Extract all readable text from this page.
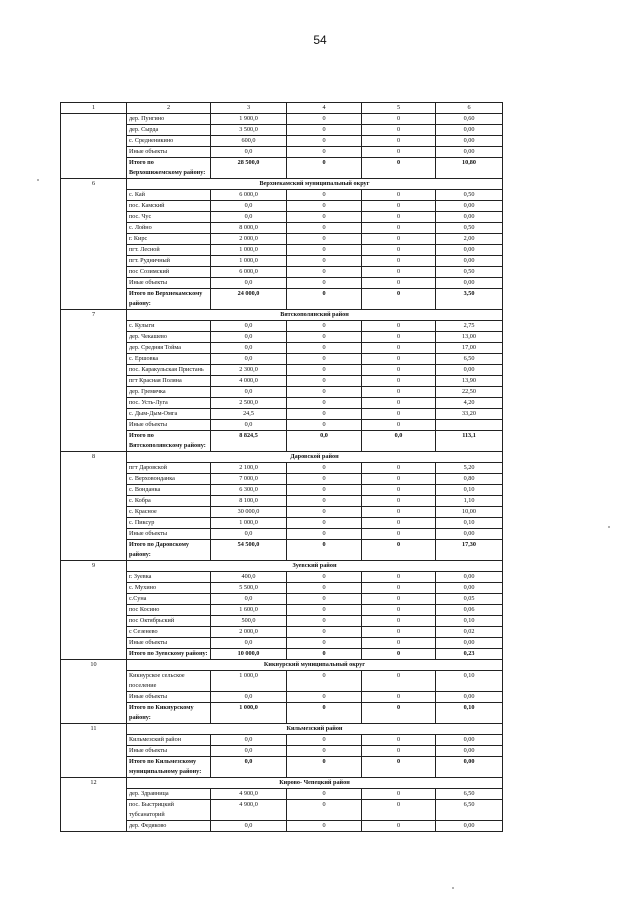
54
1	2	3	4	5	6
	дер. Пунгино	1 900,0	0	0	0,60
	дер. Сырда	3 500,0	0	0	0,00
	с. Средненикино	600,0	0	0	0,00
	Иные объекты	0,0	0	0	0,00
	Итого по Верхошижемскому району:	28 500,0	0	0	10,80
6	Верхнекамский муниципальный округ				
	с. Кай	6 000,0	0	0	0,50
	пос. Камский	0,0	0	0	0,00
	пос. Чус	0,0	0	0	0,00
	с. Лойно	8 000,0	0	0	0,50
	г. Кирс	2 000,0	0	0	2,00
	пгт. Лесной	1 000,0	0	0	0,00
	пгт. Рудничный	1 000,0	0	0	0,00
	пос Созимский	6 000,0	0	0	0,50
	Иные объекты	0,0	0	0	0,00
	Итого по Верхнекамскому району:	24 000,0	0	0	3,50
7	Вятскополянский район				
	с. Кулыги	0,0	0	0	2,75
	дер. Чекашево	0,0	0	0	13,00
	дер. Средняя Тойма	0,0	0	0	17,00
	с. Ершовка	0,0	0	0	6,50
	пос. Каракульская Пристань	2 300,0	0	0	0,00
	пгт Красная Поляна	4 000,0	0	0	13,90
	дер. Гремячка	0,0	0	0	22,50
	пос. Усть-Луга	2 500,0	0	0	4,20
	с. Дым-Дым-Омга	24,5	0	0	33,20
	Иные объекты	0,0	0	0	
	Итого по Вятскополянскому району:	8 824,5	0,0	0,0	113,1
8	Даровской район				
	пгт Даровской	2 100,0	0	0	5,20
	с. Верховонданка	7 000,0	0	0	0,80
	с. Вонданка	6 300,0	0	0	0,10
	с. Кобра	8 100,0	0	0	1,10
	с. Красное	30 000,0	0	0	10,00
	с. Пиксур	1 000,0	0	0	0,10
	Иные объекты	0,0	0	0	0,00
	Итого по Даровскому району:	54 500,0	0	0	17,30
9	Зуевский район				
	г. Зуевка	400,0	0	0	0,00
	с. Мухино	5 500,0	0	0	0,00
	с.Суна	0,0	0	0	0,05
	пос Косино	1 600,0	0	0	0,06
	пос Октябрьский	500,0	0	0	0,10
	с Сезенево	2 000,0	0	0	0,02
	Иные объекты	0,0	0	0	0,00
	Итого по Зуевскому району:	10 000,0	0	0	0,23
10	Кикнурский муниципальный округ				
	Кикнурское сельское поселение	1 000,0	0	0	0,10
	Иные объекты	0,0	0	0	0,00
	Итого по Кикнурскому району:	1 000,0	0	0	0,10
11	Кильмезский район				
	Кильмезский район	0,0	0	0	0,00
	Иные объекты	0,0	0	0	0,00
	Итого по Кильмезскому муниципальному району:	0,0	0	0	0,00
12	Кирово- Чепецкий район				
	дер. Здравница	4 900,0	0	0	6,50
	пос. Быстрицкий тубсанаторий	4 900,0	0	0	6,50
	дер. Федяково	0,0	0	0	0,00
